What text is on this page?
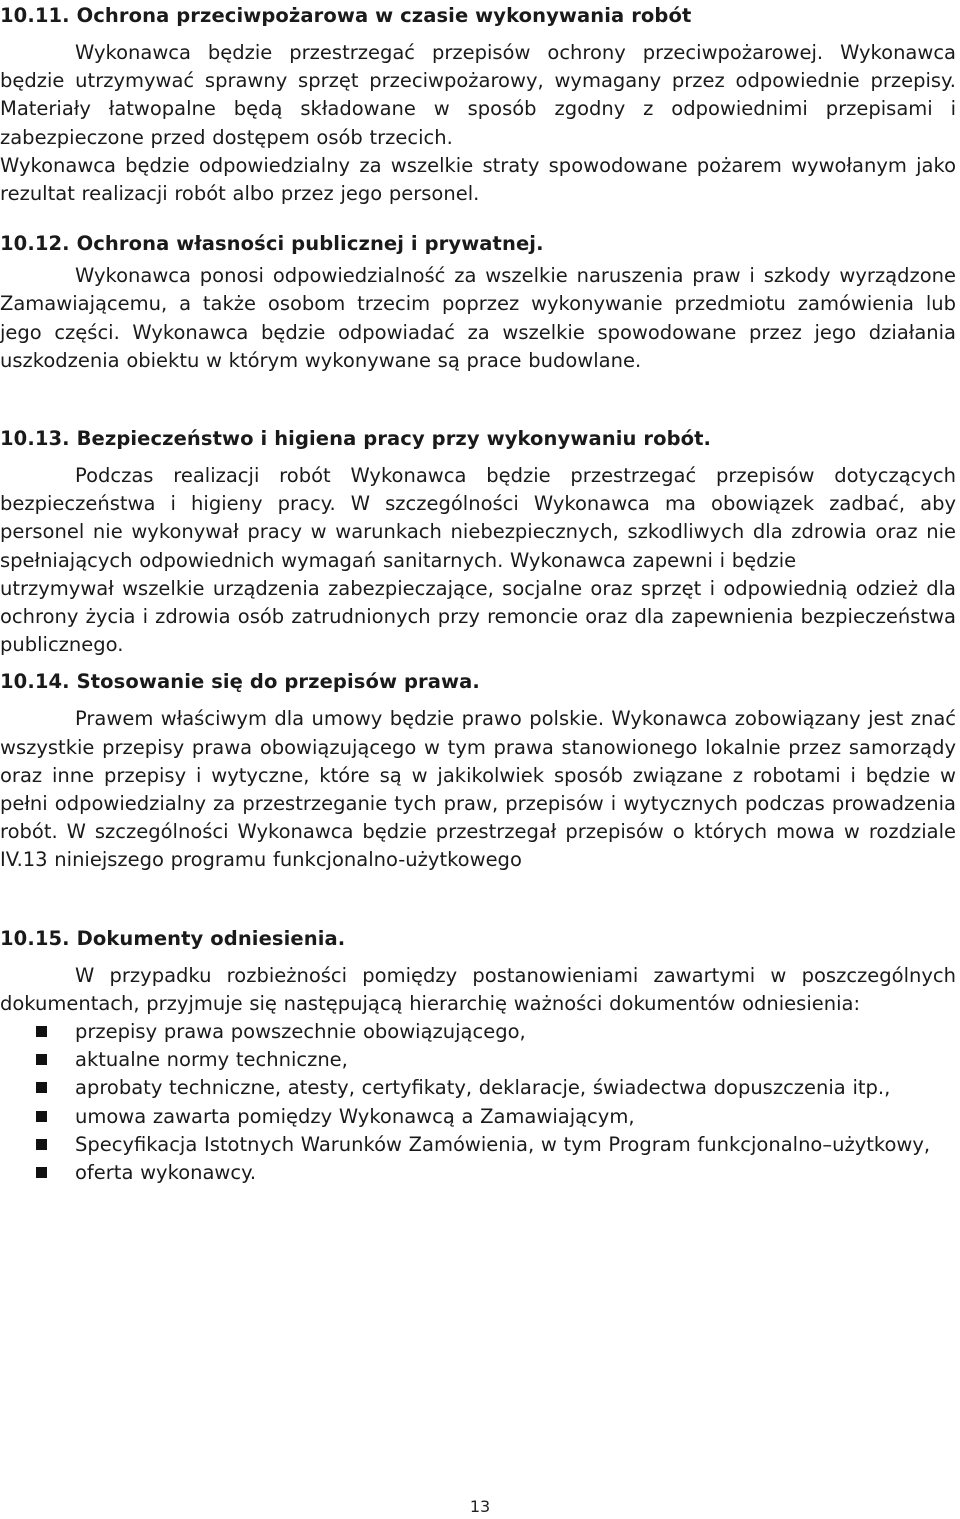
10.11. Ochrona przeciwpożarowa w czasie wykonywania robót

Wykonawca będzie przestrzegać przepisów ochrony przeciwpożarowej. Wykonawca będzie utrzymywać sprawny sprzęt przeciwpożarowy, wymagany przez odpowiednie przepisy. Materiały łatwopalne będą składowane w sposób zgodny z odpowiednimi przepisami i zabezpieczone przed dostępem osób trzecich.

Wykonawca będzie odpowiedzialny za wszelkie straty spowodowane pożarem wywołanym jako rezultat realizacji robót albo przez jego personel.

10.12. Ochrona własności publicznej i prywatnej.

Wykonawca ponosi odpowiedzialność za wszelkie naruszenia praw i szkody wyrządzone Zamawiającemu, a także osobom trzecim poprzez wykonywanie przedmiotu zamówienia lub jego części. Wykonawca będzie odpowiadać za wszelkie spowodowane przez jego działania uszkodzenia obiektu w którym wykonywane są prace budowlane.

10.13. Bezpieczeństwo i higiena pracy przy wykonywaniu robót.

Podczas realizacji robót Wykonawca będzie przestrzegać przepisów dotyczących bezpieczeństwa i higieny pracy. W szczególności Wykonawca ma obowiązek zadbać, aby personel nie wykonywał pracy w warunkach niebezpiecznych, szkodliwych dla zdrowia oraz nie spełniających odpowiednich wymagań sanitarnych. Wykonawca zapewni i będzie

utrzymywał wszelkie urządzenia zabezpieczające, socjalne oraz sprzęt i odpowiednią odzież dla ochrony życia i zdrowia osób zatrudnionych przy remoncie oraz dla zapewnienia bezpieczeństwa publicznego.

10.14. Stosowanie się do przepisów prawa.

Prawem właściwym dla umowy będzie prawo polskie. Wykonawca zobowiązany jest znać wszystkie przepisy prawa obowiązującego w tym prawa stanowionego lokalnie przez samorządy oraz inne przepisy i wytyczne, które są w jakikolwiek sposób związane z robotami i będzie w pełni odpowiedzialny za przestrzeganie tych praw, przepisów i wytycznych podczas prowadzenia robót. W szczególności Wykonawca będzie przestrzegał przepisów o których mowa w rozdziale IV.13 niniejszego programu funkcjonalno-użytkowego

10.15. Dokumenty odniesienia.

W przypadku rozbieżności pomiędzy postanowieniami zawartymi w poszczególnych dokumentach, przyjmuje się następującą hierarchię ważności dokumentów odniesienia:

przepisy prawa powszechnie obowiązującego,
aktualne normy techniczne,
aprobaty techniczne, atesty, certyfikaty, deklaracje, świadectwa dopuszczenia itp.,
umowa zawarta pomiędzy Wykonawcą a Zamawiającym,
Specyfikacja Istotnych Warunków Zamówienia, w tym Program funkcjonalno–użytkowy,
oferta wykonawcy.
13
